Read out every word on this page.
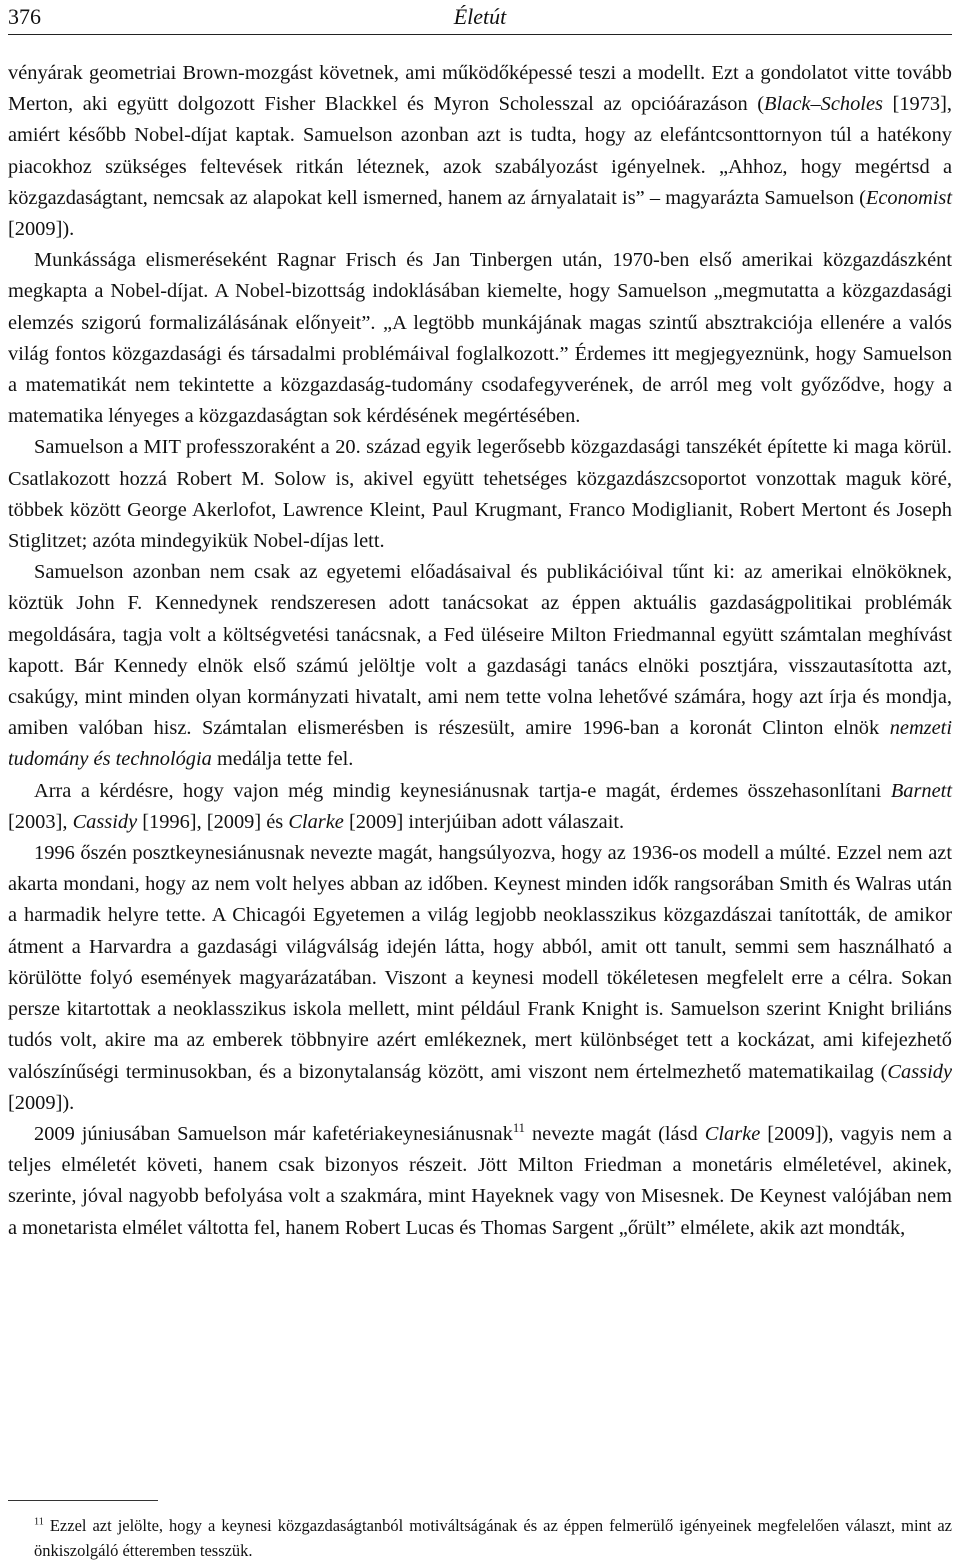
376	Életút

vényárak geometriai Brown-mozgást követnek, ami működőképessé teszi a modellt. Ezt a gondolatot vitte tovább Merton, aki együtt dolgozott Fisher Blackkel és Myron Scholesszal az opcióárazáson (Black–Scholes [1973], amiért később Nobel-díjat kaptak. Samuelson azonban azt is tudta, hogy az elefántcsonttornyon túl a hatékony piacokhoz szükséges feltevések ritkán léteznek, azok szabályozást igényelnek. „Ahhoz, hogy megértsd a közgazdaságtant, nemcsak az alapokat kell ismerned, hanem az árnyalatait is” – magyarázta Samuelson (Economist [2009]).

Munkássága elismeréseként Ragnar Frisch és Jan Tinbergen után, 1970-ben első amerikai közgazdászként megkapta a Nobel-díjat. A Nobel-bizottság indoklásában kiemelte, hogy Samuelson „megmutatta a közgazdasági elemzés szigorú formalizálásának előnyeit”. „A legtöbb munkájának magas szintű absztrakciója ellenére a valós világ fontos közgazdasági és társadalmi problémáival foglalkozott.” Érdemes itt megjegyeznünk, hogy Samuelson a matematikát nem tekintette a közgazdaság-tudomány csodafegyverének, de arról meg volt győződve, hogy a matematika lényeges a közgazdaságtan sok kérdésének megértésében.

Samuelson a MIT professzoraként a 20. század egyik legerősebb közgazdasági tanszékét építette ki maga körül. Csatlakozott hozzá Robert M. Solow is, akivel együtt tehetséges közgazdászcsoportot vonzottak maguk köré, többek között George Akerlofot, Lawrence Kleint, Paul Krugmant, Franco Modiglianit, Robert Mertont és Joseph Stiglitzet; azóta mindegyikük Nobel-díjas lett.

Samuelson azonban nem csak az egyetemi előadásaival és publikációival tűnt ki: az amerikai elnököknek, köztük John F. Kennedynek rendszeresen adott tanácsokat az éppen aktuális gazdaságpolitikai problémák megoldására, tagja volt a költségvetési tanácsnak, a Fed üléseire Milton Friedmannal együtt számtalan meghívást kapott. Bár Kennedy elnök első számú jelöltje volt a gazdasági tanács elnöki posztjára, visszautasította azt, csakúgy, mint minden olyan kormányzati hivatalt, ami nem tette volna lehetővé számára, hogy azt írja és mondja, amiben valóban hisz. Számtalan elismerésben is részesült, amire 1996-ban a koronát Clinton elnök nemzeti tudomány és technológia medálja tette fel.

Arra a kérdésre, hogy vajon még mindig keynesiánusnak tartja-e magát, érdemes összehasonlítani Barnett [2003], Cassidy [1996], [2009] és Clarke [2009] interjúiban adott válaszait.

1996 őszén posztkeynesiánusnak nevezte magát, hangsúlyozva, hogy az 1936-os modell a múlté. Ezzel nem azt akarta mondani, hogy az nem volt helyes abban az időben. Keynest minden idők rangsorában Smith és Walras után a harmadik helyre tette. A Chicagói Egyetemen a világ legjobb neoklasszikus közgazdászai tanították, de amikor átment a Harvardra a gazdasági világválság idején látta, hogy abból, amit ott tanult, semmi sem használható a körülötte folyó események magyarázatában. Viszont a keynesi modell tökéletesen megfelelt erre a célra. Sokan persze kitartottak a neoklasszikus iskola mellett, mint például Frank Knight is. Samuelson szerint Knight briliáns tudós volt, akire ma az emberek többnyire azért emlékeznek, mert különbséget tett a kockázat, ami kifejezhető valószínűségi terminusokban, és a bizonytalanság között, ami viszont nem értelmezhető matematikailag (Cassidy [2009]).

2009 júniusában Samuelson már kafetériakeynesiánusnak$^{11}$ nevezte magát (lásd Clarke [2009]), vagyis nem a teljes elméletét követi, hanem csak bizonyos részeit. Jött Milton Friedman a monetáris elméletével, akinek, szerinte, jóval nagyobb befolyása volt a szakmára, mint Hayeknek vagy von Misesnek. De Keynest valójában nem a monetarista elmélet váltotta fel, hanem Robert Lucas és Thomas Sargent „őrült” elmélete, akik azt mondták,

$^{11}$ Ezzel azt jelölte, hogy a keynesi közgazdaságtanból motiváltságának és az éppen felmerülő igényeinek megfelelően választ, mint az önkiszolgáló étteremben tesszük.
